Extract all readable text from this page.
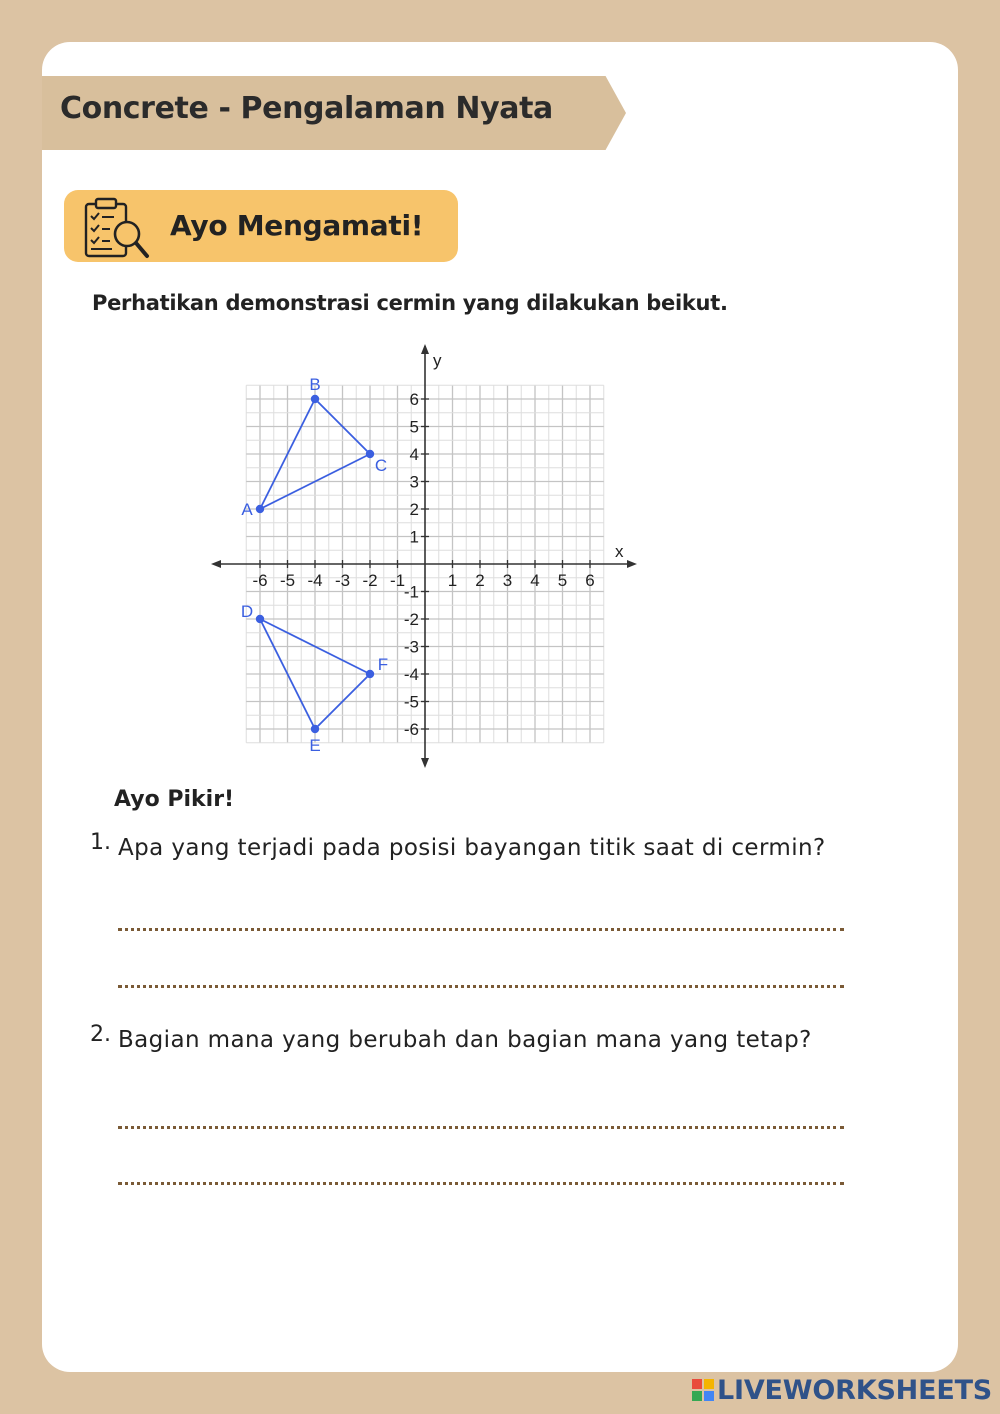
Concrete - Pengalaman Nyata
Ayo Mengamati!
Perhatikan demonstrasi cermin yang dilakukan beikut.
x
y
-6 -5 -4 -3 -2 -1	1 2 3 4 5 6
6
5
4
3
2
1
-1
-2
-3
-4
-5
-6
A
B
C
D
E
F
Ayo Pikir!
1. Apa yang terjadi pada posisi bayangan titik saat di cermin?
2. Bagian mana yang berubah dan bagian mana yang tetap?
LIVEWORKSHEETS
